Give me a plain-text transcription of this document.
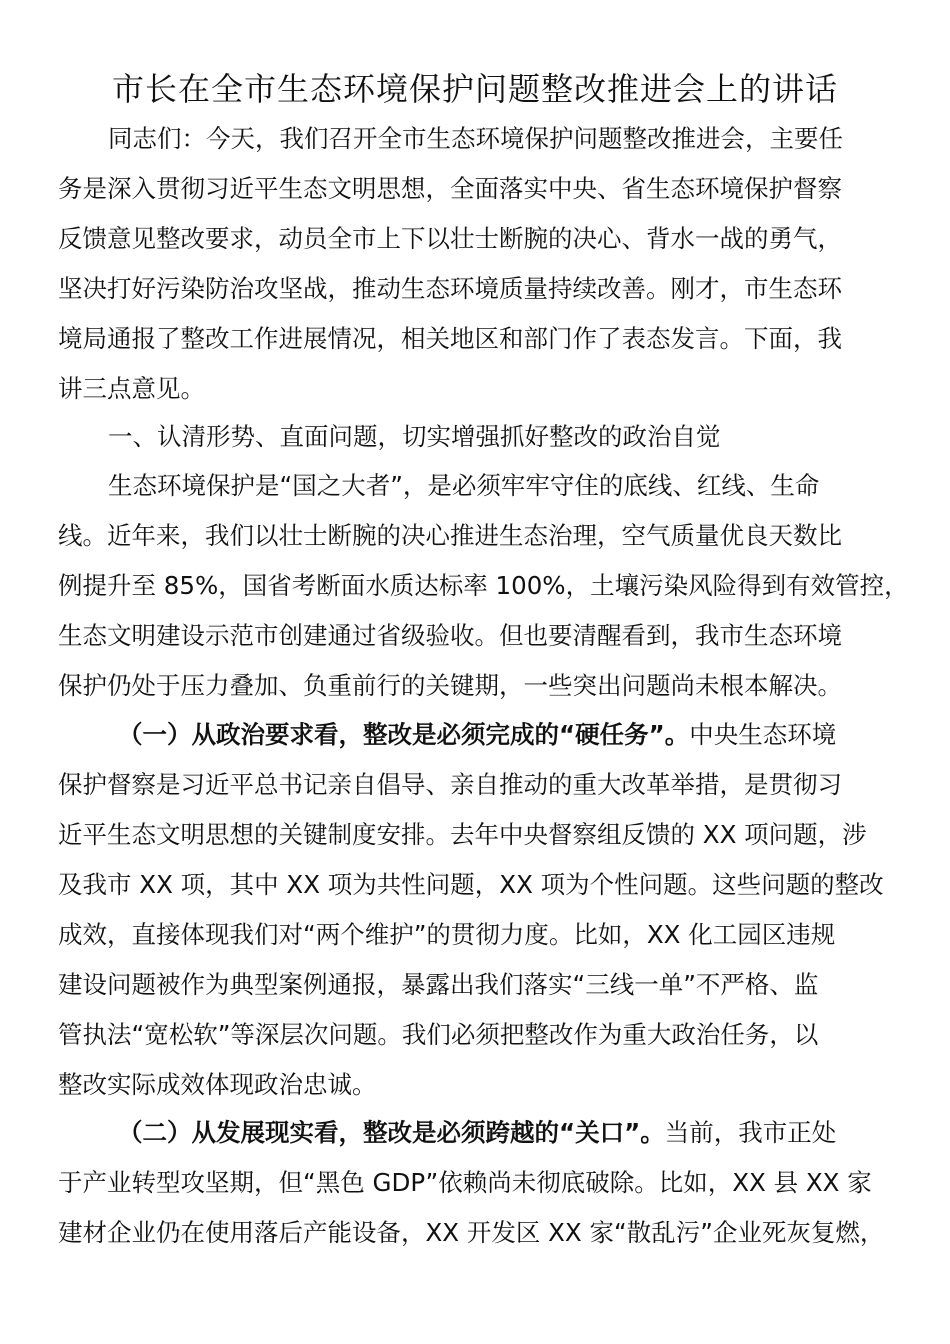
市长在全市生态环境保护问题整改推进会上的讲话
同志们：今天，我们召开全市生态环境保护问题整改推进会，主要任
务是深入贯彻习近平生态文明思想，全面落实中央、省生态环境保护督察
反馈意见整改要求，动员全市上下以壮士断腕的决心、背水一战的勇气，
坚决打好污染防治攻坚战，推动生态环境质量持续改善。刚才，市生态环
境局通报了整改工作进展情况，相关地区和部门作了表态发言。下面，我
讲三点意见。
一、认清形势、直面问题，切实增强抓好整改的政治自觉
生态环境保护是“国之大者”，是必须牢牢守住的底线、红线、生命
线。近年来，我们以壮士断腕的决心推进生态治理，空气质量优良天数比
例提升至 85%，国省考断面水质达标率 100%，土壤污染风险得到有效管控，
生态文明建设示范市创建通过省级验收。但也要清醒看到，我市生态环境
保护仍处于压力叠加、负重前行的关键期，一些突出问题尚未根本解决。
（一）从政治要求看，整改是必须完成的“硬任务”。中央生态环境
保护督察是习近平总书记亲自倡导、亲自推动的重大改革举措，是贯彻习
近平生态文明思想的关键制度安排。去年中央督察组反馈的 XX 项问题，涉
及我市 XX 项，其中 XX 项为共性问题，XX 项为个性问题。这些问题的整改
成效，直接体现我们对“两个维护”的贯彻力度。比如，XX 化工园区违规
建设问题被作为典型案例通报，暴露出我们落实“三线一单”不严格、监
管执法“宽松软”等深层次问题。我们必须把整改作为重大政治任务，以
整改实际成效体现政治忠诚。
（二）从发展现实看，整改是必须跨越的“关口”。当前，我市正处
于产业转型攻坚期，但“黑色 GDP”依赖尚未彻底破除。比如，XX 县 XX 家
建材企业仍在使用落后产能设备，XX 开发区 XX 家“散乱污”企业死灰复燃，
